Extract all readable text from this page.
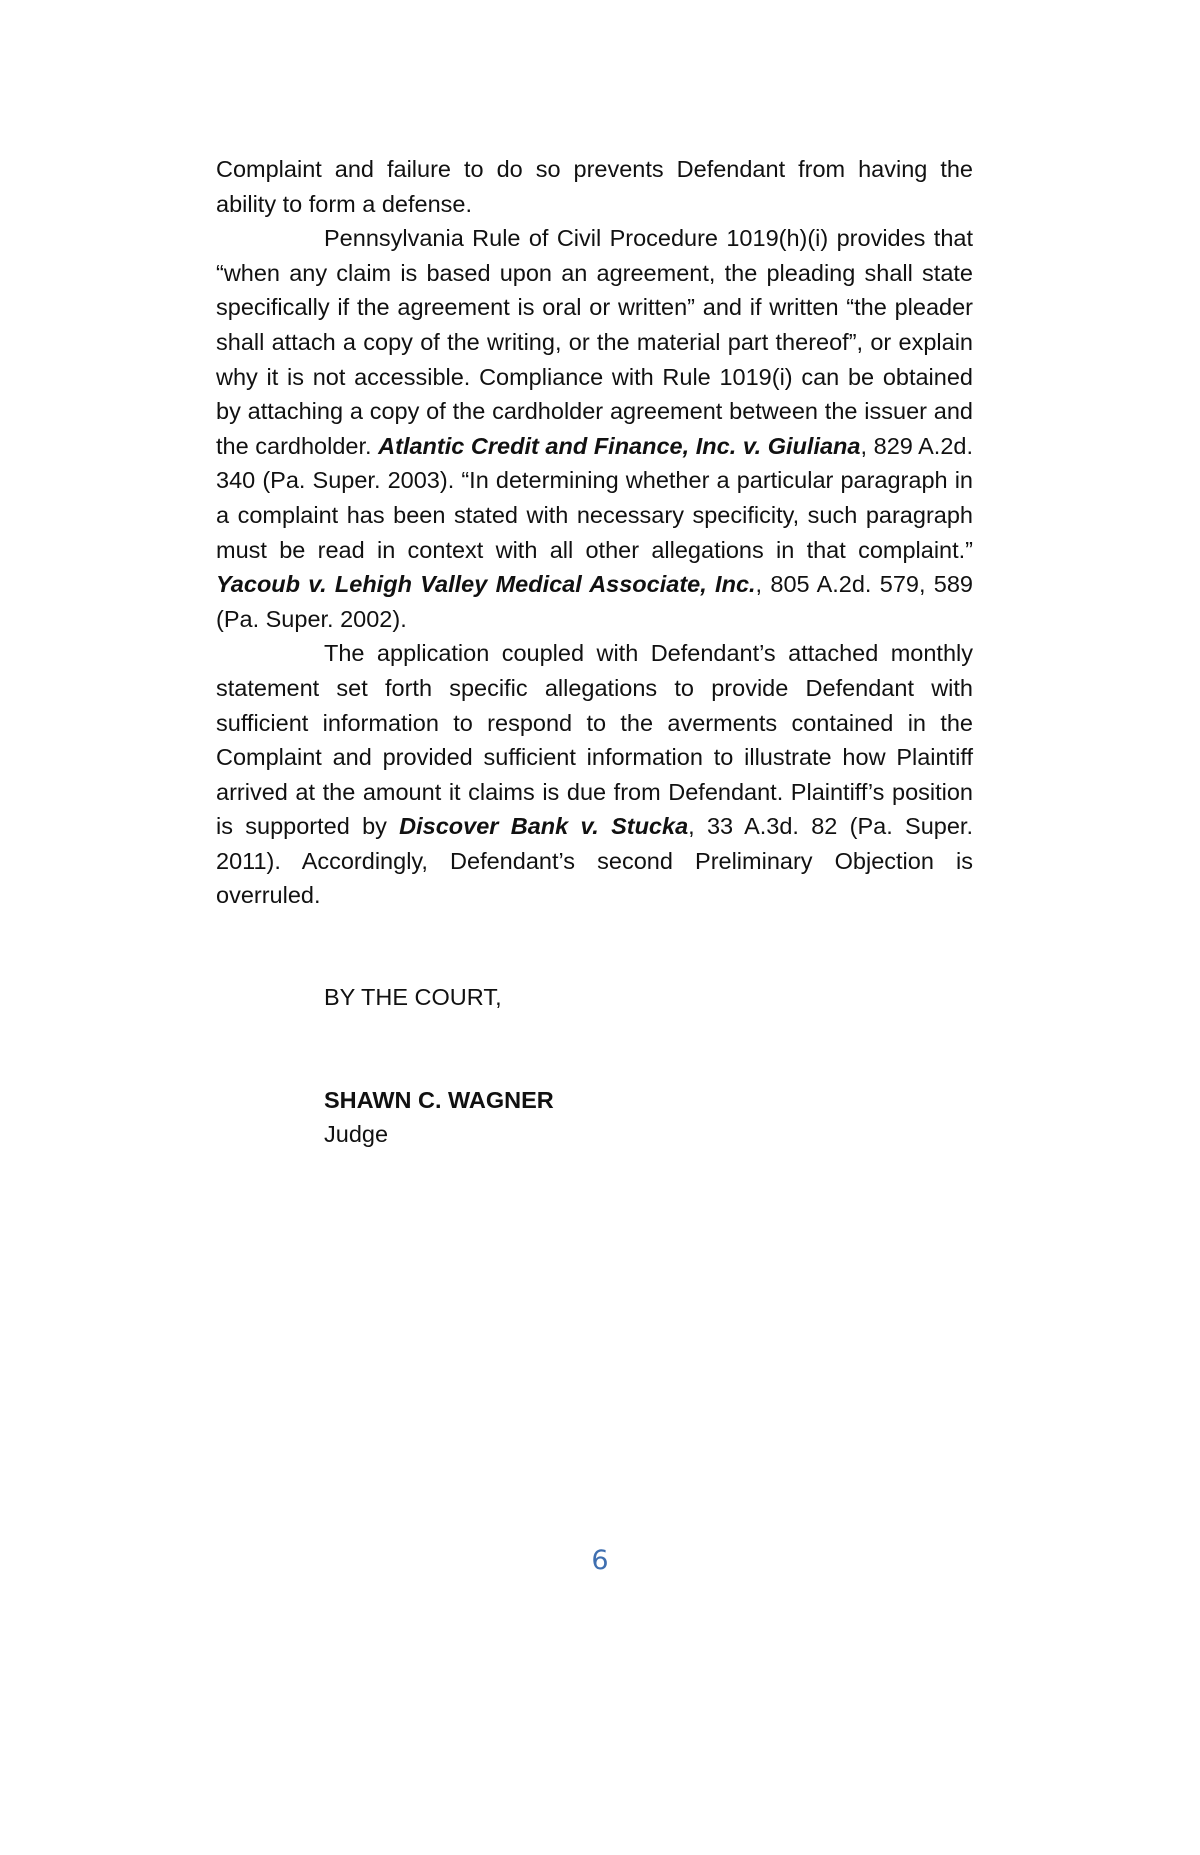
Complaint and failure to do so prevents Defendant from having the ability to form a defense.

Pennsylvania Rule of Civil Procedure 1019(h)(i) provides that “when any claim is based upon an agreement, the pleading shall state specifically if the agreement is oral or written” and if written “the pleader shall attach a copy of the writing, or the material part thereof”, or explain why it is not accessible. Compliance with Rule 1019(i) can be obtained by attaching a copy of the cardholder agreement between the issuer and the cardholder. Atlantic Credit and Finance, Inc. v. Giuliana, 829 A.2d. 340 (Pa. Super. 2003). “In determining whether a particular paragraph in a complaint has been stated with necessary specificity, such paragraph must be read in context with all other allegations in that complaint.” Yacoub v. Lehigh Valley Medical Associate, Inc., 805 A.2d. 579, 589 (Pa. Super. 2002).

The application coupled with Defendant’s attached monthly statement set forth specific allegations to provide Defendant with sufficient information to respond to the averments contained in the Complaint and provided sufficient information to illustrate how Plaintiff arrived at the amount it claims is due from Defendant. Plaintiff’s position is supported by Discover Bank v. Stucka, 33 A.3d. 82 (Pa. Super. 2011). Accordingly, Defendant’s second Preliminary Objection is overruled.

BY THE COURT,

SHAWN C. WAGNER

Judge

6
